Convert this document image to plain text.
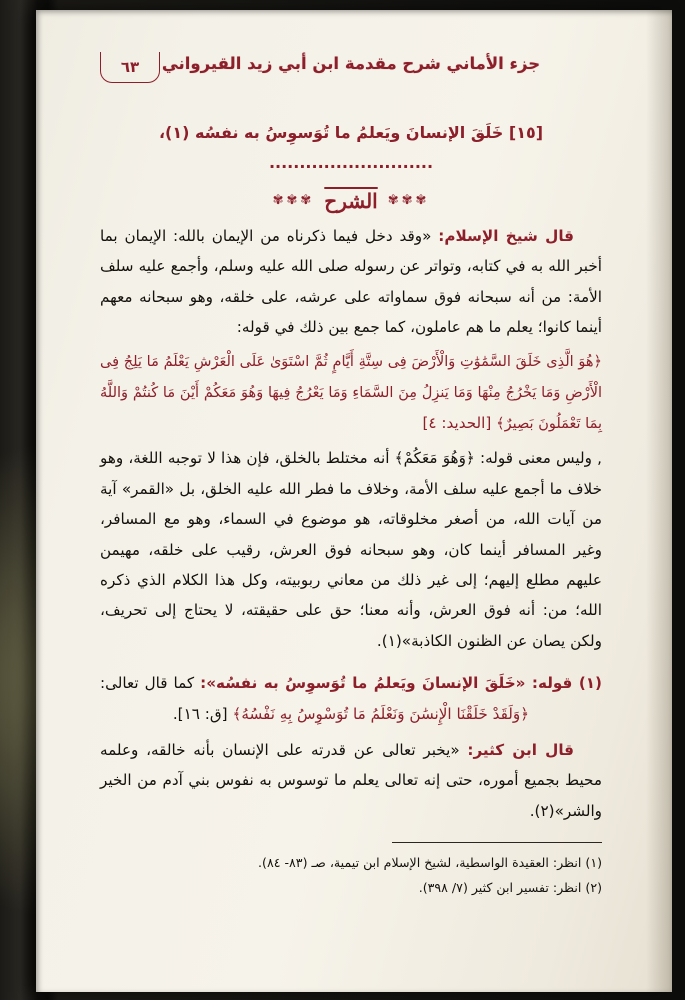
٦٣	جزء الأماني شرح مقدمة ابن أبي زيد القيرواني
[١٥] خَلَقَ الإنسانَ ويَعلمُ ما تُوَسوِسُ به نفسُه (١)، ...........................
✾✾✾
الشرح
✾✾✾

قال شيخ الإسلام: «وقد دخل فيما ذكرناه من الإيمان بالله: الإيمان بما أخبر الله به في كتابه، وتواتر عن رسوله صلى الله عليه وسلم، وأجمع عليه سلف الأمة: من أنه سبحانه فوق سماواته على عرشه، على خلقه، وهو سبحانه معهم أينما كانوا؛ يعلم ما هم عاملون، كما جمع بين ذلك في قوله:

﴿هُوَ الَّذِى خَلَقَ السَّمَٰوَٰتِ وَالْأَرْضَ فِى سِتَّةِ أَيَّامٍ ثُمَّ اسْتَوَىٰ عَلَى الْعَرْشِ يَعْلَمُ مَا يَلِجُ فِى الْأَرْضِ وَمَا يَخْرُجُ مِنْهَا وَمَا يَنزِلُ مِنَ السَّمَاءِ وَمَا يَعْرُجُ فِيهَا وَهُوَ مَعَكُمْ أَيْنَ مَا كُنتُمْ وَاللَّهُ بِمَا تَعْمَلُونَ بَصِيرٌ﴾ [الحديد: ٤]

, وليس معنى قوله: ﴿وَهُوَ مَعَكُمْ﴾ أنه مختلط بالخلق، فإن هذا لا توجبه اللغة، وهو خلاف ما أجمع عليه سلف الأمة، وخلاف ما فطر الله عليه الخلق، بل «القمر» آية من آيات الله، من أصغر مخلوقاته، هو موضوع في السماء، وهو مع المسافر، وغير المسافر أينما كان، وهو سبحانه فوق العرش، رقيب على خلقه، مهيمن عليهم مطلع إليهم؛ إلى غير ذلك من معاني ربوبيته، وكل هذا الكلام الذي ذكره الله؛ من: أنه فوق العرش، وأنه معنا؛ حق على حقيقته، لا يحتاج إلى تحريف، ولكن يصان عن الظنون الكاذبة»(١).

(١) قوله: «خَلَقَ الإنسانَ ويَعلمُ ما تُوَسوِسُ به نفسُه»: كما قال تعالى: ﴿وَلَقَدْ خَلَقْنَا الْإِنسَٰنَ وَنَعْلَمُ مَا تُوَسْوِسُ بِهِ نَفْسُهُ﴾ [ق: ١٦].

قال ابن كثير: «يخبر تعالى عن قدرته على الإنسان بأنه خالقه، وعلمه محيط بجميع أموره، حتى إنه تعالى يعلم ما توسوس به نفوس بني آدم من الخير والشر»(٢).

(١) انظر: العقيدة الواسطية، لشيخ الإسلام ابن تيمية، صـ (٨٣- ٨٤).
(٢) انظر: تفسير ابن كثير (٧/ ٣٩٨).
